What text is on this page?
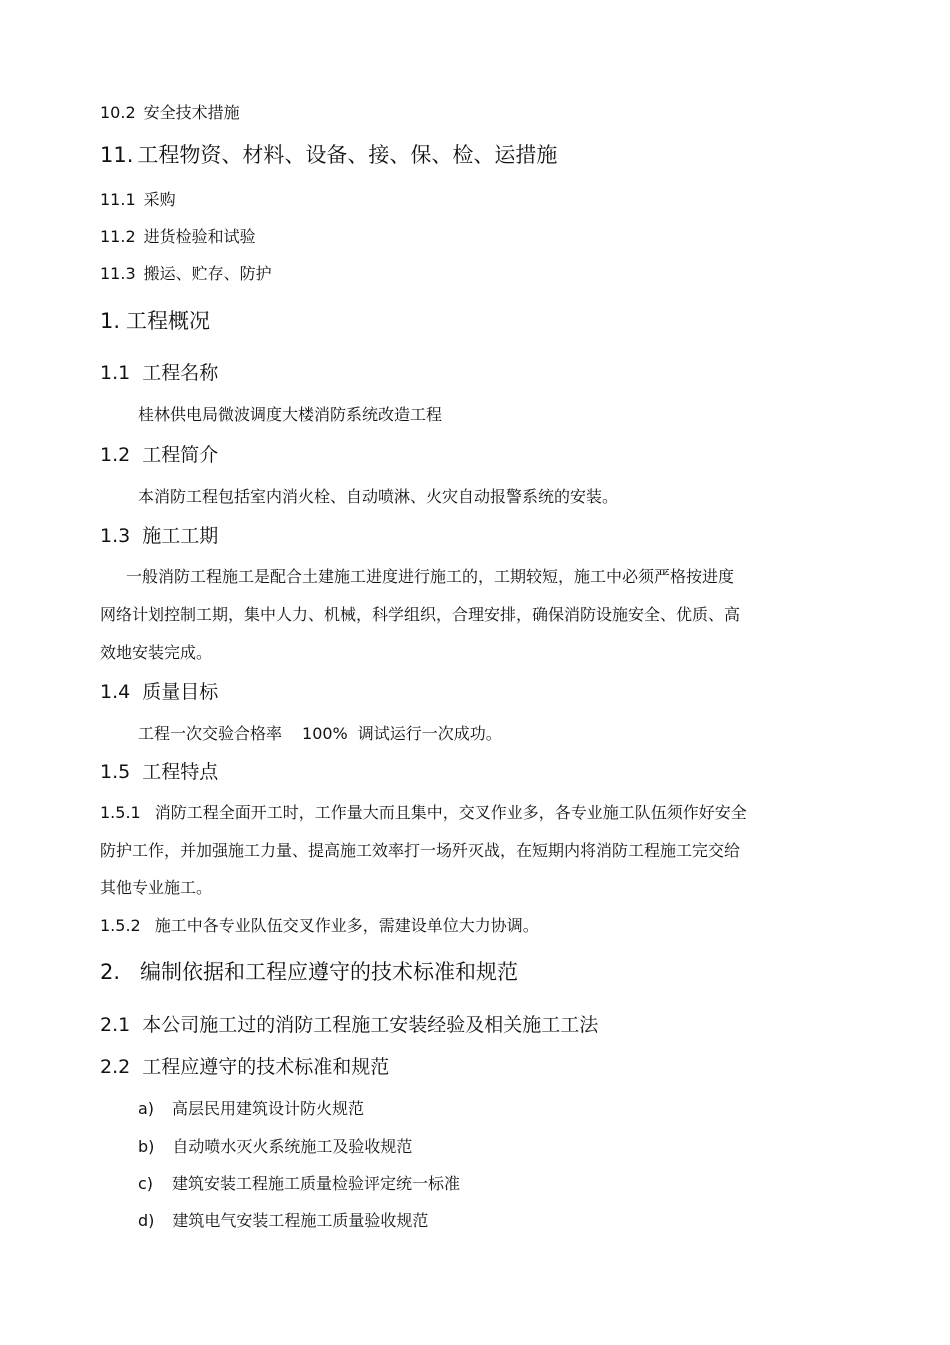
10.2 安全技术措施
11. 工程物资、材料、设备、接、保、检、运措施
11.1 采购
11.2 进货检验和试验
11.3 搬运、贮存、防护
1. 工程概况
1.1 工程名称
桂林供电局微波调度大楼消防系统改造工程
1.2 工程简介
本消防工程包括室内消火栓、自动喷淋、火灾自动报警系统的安装。
1.3 施工工期
一般消防工程施工是配合土建施工进度进行施工的，工期较短，施工中必须严格按进度
网络计划控制工期，集中人力、机械，科学组织，合理安排，确保消防设施安全、优质、高
效地安装完成。
1.4 质量目标
工程一次交验合格率 100% 调试运行一次成功。
1.5 工程特点
1.5.1 消防工程全面开工时，工作量大而且集中，交叉作业多，各专业施工队伍须作好安全
防护工作，并加强施工力量、提高施工效率打一场歼灭战，在短期内将消防工程施工完交给
其他专业施工。
1.5.2 施工中各专业队伍交叉作业多，需建设单位大力协调。
2. 编制依据和工程应遵守的技术标准和规范
2.1 本公司施工过的消防工程施工安装经验及相关施工工法
2.2 工程应遵守的技术标准和规范
a) 高层民用建筑设计防火规范
b) 自动喷水灭火系统施工及验收规范
c) 建筑安装工程施工质量检验评定统一标准
d) 建筑电气安装工程施工质量验收规范
